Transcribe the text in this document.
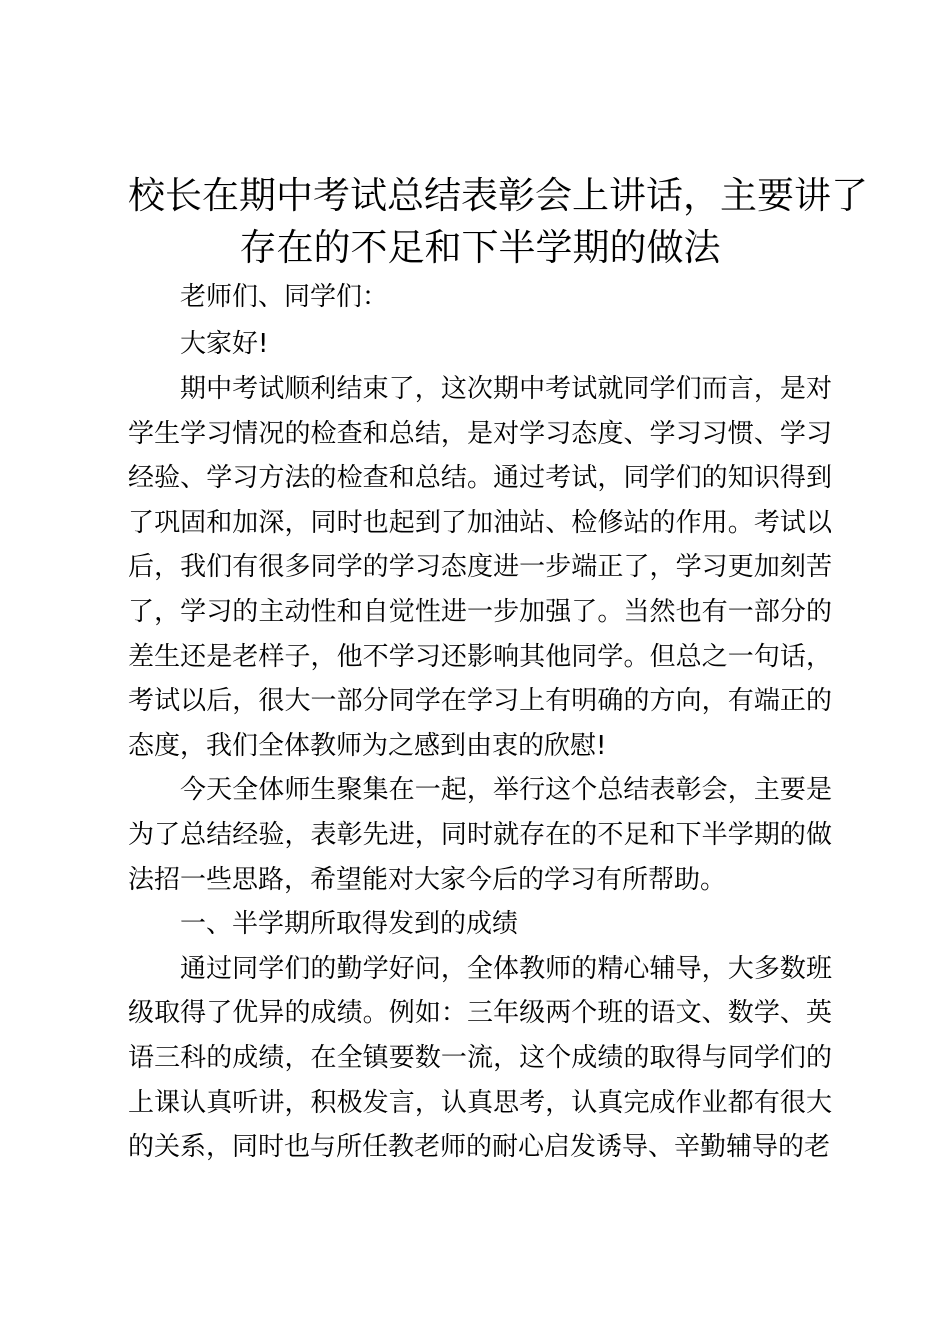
校长在期中考试总结表彰会上讲话，主要讲了
存在的不足和下半学期的做法

老师们、同学们：

大家好!

期中考试顺利结束了，这次期中考试就同学们而言，是对学生学习情况的检查和总结，是对学习态度、学习习惯、学习经验、学习方法的检查和总结。通过考试，同学们的知识得到了巩固和加深，同时也起到了加油站、检修站的作用。考试以后，我们有很多同学的学习态度进一步端正了，学习更加刻苦了，学习的主动性和自觉性进一步加强了。当然也有一部分的差生还是老样子，他不学习还影响其他同学。但总之一句话，考试以后，很大一部分同学在学习上有明确的方向，有端正的态度，我们全体教师为之感到由衷的欣慰!

今天全体师生聚集在一起，举行这个总结表彰会，主要是为了总结经验，表彰先进，同时就存在的不足和下半学期的做法招一些思路，希望能对大家今后的学习有所帮助。

一、半学期所取得发到的成绩

通过同学们的勤学好问，全体教师的精心辅导，大多数班级取得了优异的成绩。例如：三年级两个班的语文、数学、英语三科的成绩，在全镇要数一流，这个成绩的取得与同学们的上课认真听讲，积极发言，认真思考，认真完成作业都有很大的关系，同时也与所任教老师的耐心启发诱导、辛勤辅导的老
